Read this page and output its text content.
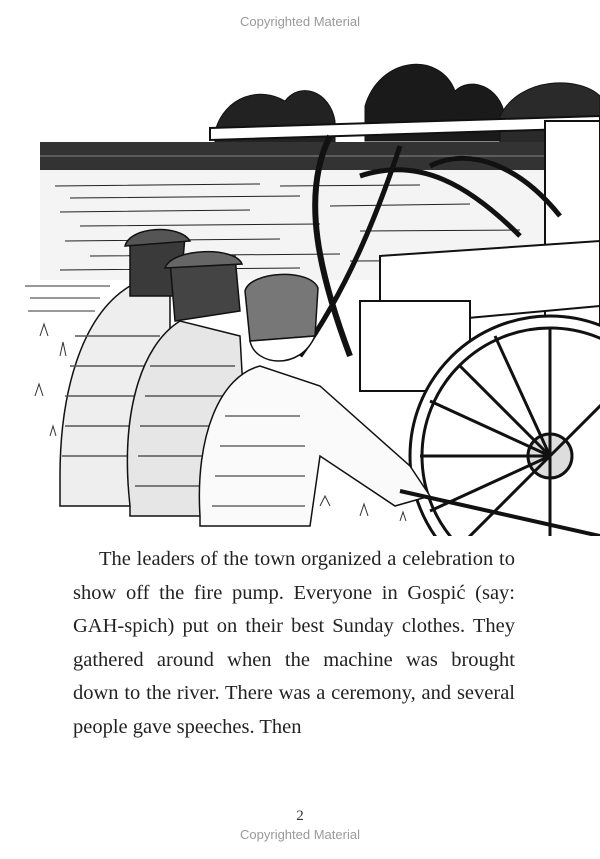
Copyrighted Material

The leaders of the town organized a celebration to show off the fire pump. Everyone in Gospić (say: GAH-spich) put on their best Sunday clothes. They gathered around when the machine was brought down to the river. There was a ceremony, and several people gave speeches. Then

2
Copyrighted Material
